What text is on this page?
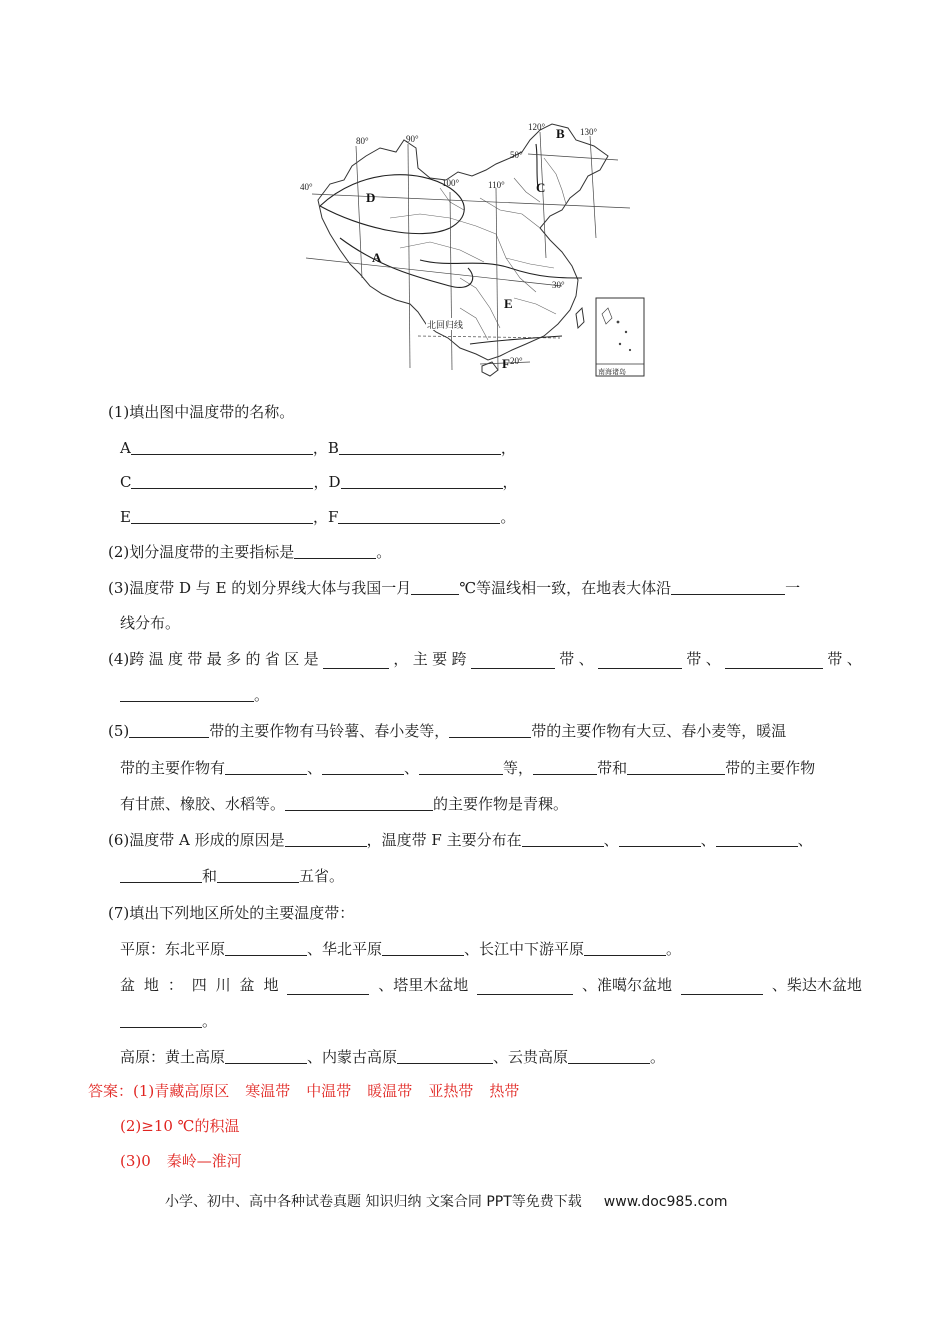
南海诸岛
80°	90°
100°	110°
120°	130°
40°
50°
30°
20°
A
B
C
D
E
F
北回归线
(1)填出图中温度带的名称。
A	，B	，
C	，D	，
E	，F	。
(2)划分温度带的主要指标是	。
(3)温度带 D 与 E 的划分界线大体与我国一月	℃等温线相一致，在地表大体沿	一
线分布。
(4)跨 温 度 带 最 多 的 省 区 是	， 主 要 跨	带 、	带 、	带 、
。
(5)	带的主要作物有马铃薯、春小麦等，	带的主要作物有大豆、春小麦等，暖温
带的主要作物有	、	、	等，	带和	带的主要作物
有甘蔗、橡胶、水稻等。	的主要作物是青稞。
(6)温度带 A 形成的原因是	，温度带 F 主要分布在	、	、	、
和	五省。
(7)填出下列地区所处的主要温度带：
平原：东北平原	、华北平原	、长江中下游平原	。
盆 地 ： 四 川 盆 地	、塔里木盆地	、准噶尔盆地	、柴达木盆地
。
高原：黄土高原	、内蒙古高原	、云贵高原	。
答案：(1)青藏高原区 寒温带 中温带 暖温带 亚热带 热带
(2)≥10 ℃的积温
(3)0 秦岭—淮河
小学、初中、高中各种试卷真题 知识归纳 文案合同 PPT等免费下载 www.doc985.com
